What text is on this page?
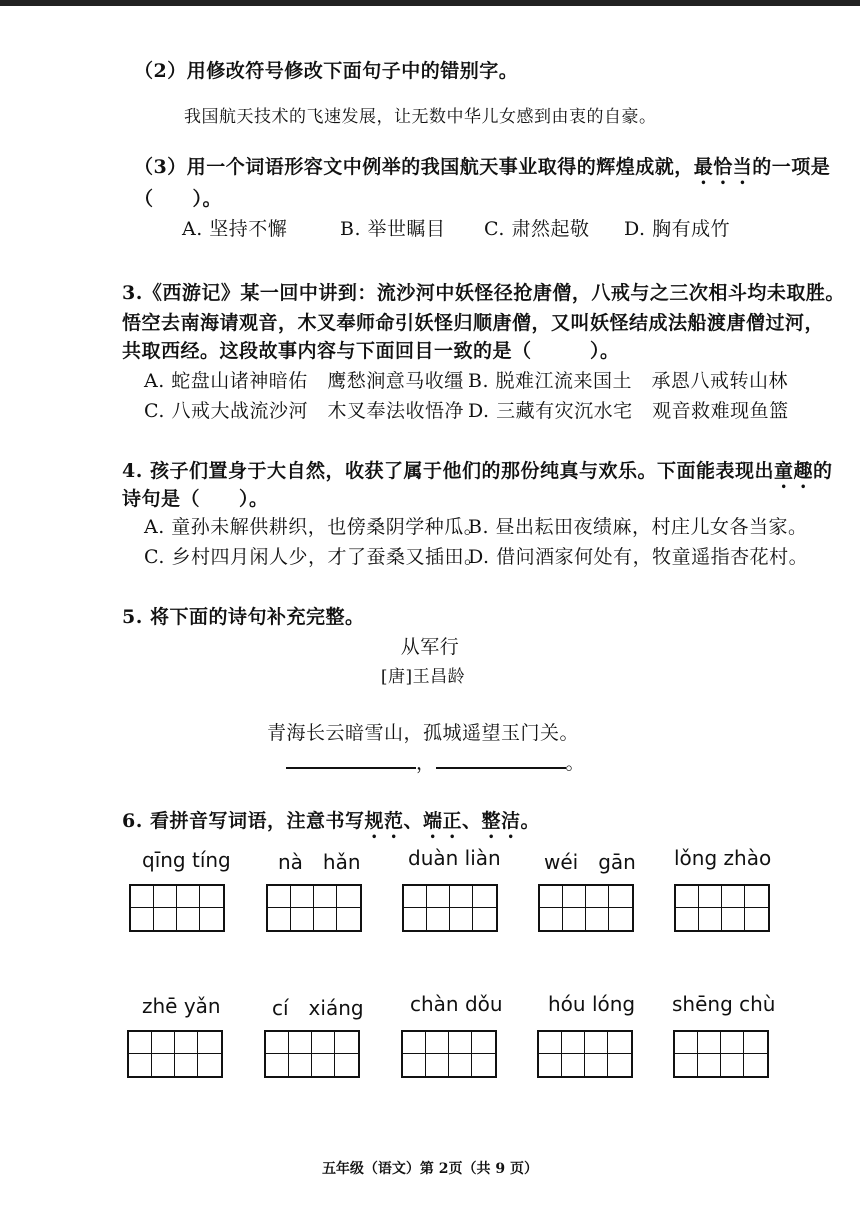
（2）用修改符号修改下面句子中的错别字。
我国航天技术的飞速发展，让无数中华儿女感到由衷的自豪。
（3）用一个词语形容文中例举的我国航天事业取得的辉煌成就，最恰当的一项是
（　　）。
A. 坚持不懈	B. 举世瞩目 C. 肃然起敬 D. 胸有成竹
3.《西游记》某一回中讲到：流沙河中妖怪径抢唐僧，八戒与之三次相斗均未取胜。
悟空去南海请观音，木叉奉师命引妖怪归顺唐僧，又叫妖怪结成法船渡唐僧过河，
共取西经。这段故事内容与下面回目一致的是（　　　）。
A. 蛇盘山诸神暗佑　鹰愁涧意马收缰 B. 脱难江流来国土　承恩八戒转山林
C. 八戒大战流沙河　木叉奉法收悟净 D. 三藏有灾沉水宅　观音救难现鱼篮
4. 孩子们置身于大自然，收获了属于他们的那份纯真与欢乐。下面能表现出童趣的
诗句是（　　）。
A. 童孙未解供耕织，也傍桑阴学种瓜。
B. 昼出耘田夜绩麻，村庄儿女各当家。
C. 乡村四月闲人少，才了蚕桑又插田。
D. 借问酒家何处有，牧童遥指杏花村。
5. 将下面的诗句补充完整。
从军行
[唐]王昌龄
青海长云暗雪山，孤城遥望玉门关。
，	。
6. 看拼音写词语，注意书写规范、端正、整洁。
qīng tíng nà　hǎn duàn liàn wéi　gān lǒng zhào
zhē yǎn	cí　xiáng chàn dǒu hóu lóng shēng chù
五年级（语文）第 2页（共 9 页）
